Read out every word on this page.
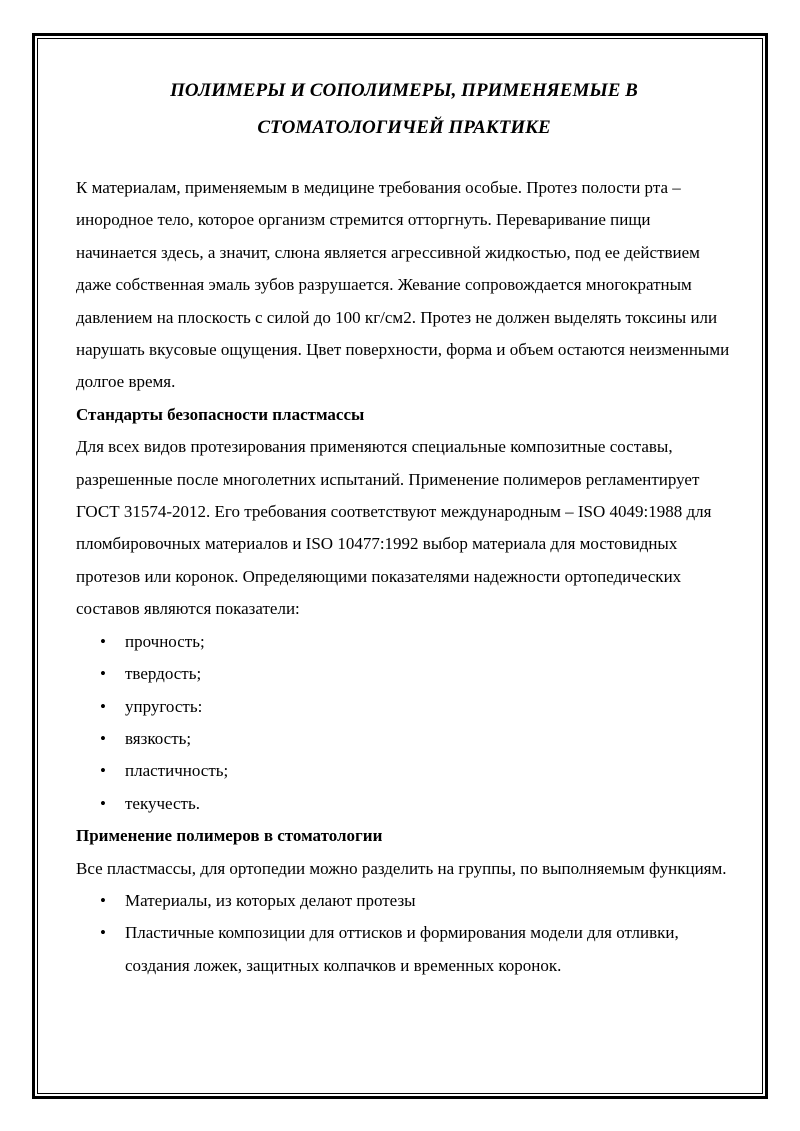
ПОЛИМЕРЫ И СОПОЛИМЕРЫ, ПРИМЕНЯЕМЫЕ В СТОМАТОЛОГИЧЕЙ ПРАКТИКЕ

К материалам, применяемым в медицине требования особые. Протез полости рта – инородное тело, которое организм стремится отторгнуть. Переваривание пищи начинается здесь, а значит, слюна является агрессивной жидкостью, под ее действием даже собственная эмаль зубов разрушается. Жевание сопровождается многократным давлением на плоскость с силой до 100 кг/см2. Протез не должен выделять токсины или нарушать вкусовые ощущения. Цвет поверхности, форма и объем остаются неизменными долгое время.

Стандарты безопасности пластмассы

Для всех видов протезирования применяются специальные композитные составы, разрешенные после многолетних испытаний. Применение полимеров регламентирует ГОСТ 31574-2012. Его требования соответствуют международным – ISO 4049:1988 для пломбировочных материалов и ISO 10477:1992 выбор материала для мостовидных протезов или коронок. Определяющими показателями надежности ортопедических составов являются показатели:

• прочность;
• твердость;
• упругость:
• вязкость;
• пластичность;
• текучесть.

Применение полимеров в стоматологии

Все пластмассы, для ортопедии можно разделить на группы, по выполняемым функциям.

• Материалы, из которых делают протезы
• Пластичные композиции для оттисков и формирования модели для отливки, создания ложек, защитных колпачков и временных коронок.
